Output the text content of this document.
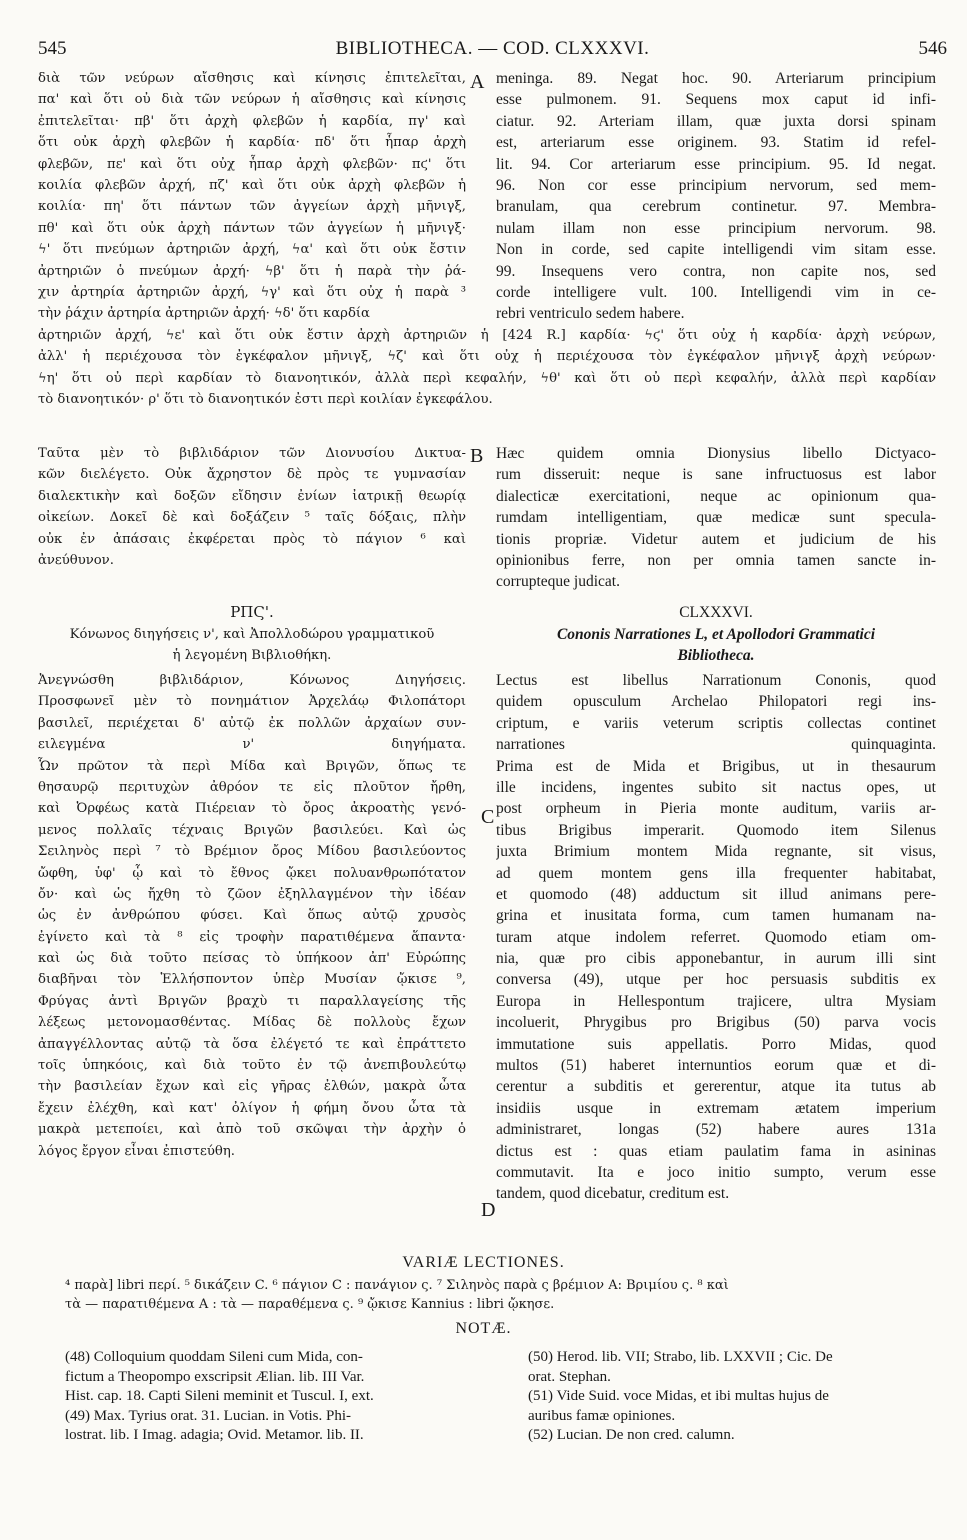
545	BIBLIOTHECA. — COD. CLXXXVI.	546
A
B
C
D
διὰ τῶν νεύρων αἴσθησις καὶ κίνησις ἐπιτελεῖται,
πα' καὶ ὅτι οὐ διὰ τῶν νεύρων ἡ αἴσθησις καὶ κίνησις
ἐπιτελεῖται· πβ' ὅτι ἀρχὴ φλεβῶν ἡ καρδία, πγ' καὶ
ὅτι οὐκ ἀρχὴ φλεβῶν ἡ καρδία· πδ' ὅτι ἧπαρ ἀρχὴ
φλεβῶν, πε' καὶ ὅτι οὐχ ἧπαρ ἀρχὴ φλεβῶν· πϛ' ὅτι
κοιλία φλεβῶν ἀρχή, πζ' καὶ ὅτι οὐκ ἀρχὴ φλεβῶν ἡ
κοιλία· πη' ὅτι πάντων τῶν ἀγγείων ἀρχὴ μῆνιγξ,
πθ' καὶ ὅτι οὐκ ἀρχὴ πάντων τῶν ἀγγείων ἡ μῆνιγξ·
ϟ' ὅτι πνεύμων ἀρτηριῶν ἀρχή, ϟα' καὶ ὅτι οὐκ ἔστιν
ἀρτηριῶν ὁ πνεύμων ἀρχή· ϟβ' ὅτι ἡ παρὰ τὴν ῥά-
χιν ἀρτηρία ἀρτηριῶν ἀρχή, ϟγ' καὶ ὅτι οὐχ ἡ παρὰ ³
τὴν ῥάχιν ἀρτηρία ἀρτηριῶν ἀρχή· ϟδ' ὅτι καρδία
meninga. 89. Negat hoc. 90. Arteriarum principium
esse pulmonem. 91. Sequens mox caput id infi-
ciatur. 92. Arteriam illam, quæ juxta dorsi spinam
est, arteriarum esse originem. 93. Statim id refel-
lit. 94. Cor arteriarum esse principium. 95. Id negat.
96. Non cor esse principium nervorum, sed mem-
branulam, qua cerebrum continetur. 97. Membra-
nulam illam non esse principium nervorum. 98.
Non in corde, sed capite intelligendi vim sitam esse.
99. Insequens vero contra, non capite nos, sed
corde intelligere vult. 100. Intelligendi vim in ce-
rebri ventriculo sedem habere.
ἀρτηριῶν ἀρχή, ϟε' καὶ ὅτι οὐκ ἔστιν ἀρχὴ ἀρτηριῶν ἡ [424 R.] καρδία· ϟϛ' ὅτι οὐχ ἡ καρδία· ἀρχὴ νεύρων,
ἀλλ' ἡ περιέχουσα τὸν ἐγκέφαλον μῆνιγξ, ϟζ' καὶ ὅτι οὐχ ἡ περιέχουσα τὸν ἐγκέφαλον μῆνιγξ ἀρχὴ νεύρων·
ϟη' ὅτι οὐ περὶ καρδίαν τὸ διανοητικόν, ἀλλὰ περὶ κεφαλήν, ϟθ' καὶ ὅτι οὐ περὶ κεφαλήν, ἀλλὰ περὶ καρδίαν
τὸ διανοητικόν· ρ' ὅτι τὸ διανοητικόν ἐστι περὶ κοιλίαν ἐγκεφάλου.
Ταῦτα μὲν τὸ βιβλιδάριον τῶν Διονυσίου Δικτυα-
κῶν διελέγετο. Οὐκ ἄχρηστον δὲ πρὸς τε γυμνασίαν
διαλεκτικὴν καὶ δοξῶν εἴδησιν ἐνίων ἰατρικῇ θεωρίᾳ
οἰκείων. Δοκεῖ δὲ καὶ δοξάζειν ⁵ ταῖς δόξαις, πλὴν
οὐκ ἐν ἀπάσαις ἐκφέρεται πρὸς τὸ πάγιον ⁶ καὶ
ἀνεύθυνον.
Hæc quidem omnia Dionysius libello Dictyaco-
rum disseruit: neque is sane infructuosus est labor
dialecticæ exercitationi, neque ac opinionum qua-
rumdam intelligentiam, quæ medicæ sunt specula-
tionis propriæ. Videtur autem et judicium de his
opinionibus ferre, non per omnia tamen sancte in-
corrupteque judicat.
ΡΠϚ'.
Κόνωνος διηγήσεις ν', καὶ Ἀπολλοδώρου γραμματικοῦ
ἡ λεγομένη Βιβλιοθήκη.
CLXXXVI.
Cononis Narrationes L, et Apollodori Grammatici
Bibliotheca.
Ἀνεγνώσθη βιβλιδάριον, Κόνωνος Διηγήσεις.
Προσφωνεῖ μὲν τὸ πονημάτιον Ἀρχελάῳ Φιλοπάτορι
βασιλεῖ, περιέχεται δ' αὐτῷ ἐκ πολλῶν ἀρχαίων συν-
ειλεγμένα ν' διηγήματα.
Ὧν πρῶτον τὰ περὶ Μίδα καὶ Βριγῶν, ὅπως τε
θησαυρῷ περιτυχὼν ἀθρόον τε εἰς πλοῦτον ἤρθη,
καὶ Ὀρφέως κατὰ Πιέρειαν τὸ ὄρος ἀκροατὴς γενό-
μενος πολλαῖς τέχναις Βριγῶν βασιλεύει. Καὶ ὡς
Σειληνὸς περὶ ⁷ τὸ Βρέμιον ὄρος Μίδου βασιλεύοντος
ὤφθη, ὑφ' ᾧ καὶ τὸ ἔθνος ᾤκει πολυανθρωπότατον
ὄν· καὶ ὡς ἤχθη τὸ ζῶον ἐξηλλαγμένον τὴν ἰδέαν
ὡς ἐν ἀνθρώπου φύσει. Καὶ ὅπως αὐτῷ χρυσὸς
ἐγίνετο καὶ τὰ ⁸ εἰς τροφὴν παρατιθέμενα ἅπαντα·
καὶ ὡς διὰ τοῦτο πείσας τὸ ὑπήκοον ἀπ' Εὐρώπης
διαβῆναι τὸν Ἑλλήσποντον ὑπὲρ Μυσίαν ᾤκισε ⁹,
Φρύγας ἀντὶ Βριγῶν βραχὺ τι παραλλαγείσης τῆς
λέξεως μετονομασθέντας. Μίδας δὲ πολλοὺς ἔχων
ἀπαγγέλλοντας αὐτῷ τὰ ὅσα ἐλέγετό τε καὶ ἐπράττετο
τοῖς ὑπηκόοις, καὶ διὰ τοῦτο ἐν τῷ ἀνεπιβουλεύτῳ
τὴν βασιλείαν ἔχων καὶ εἰς γῆρας ἐλθών, μακρὰ ὦτα
ἔχειν ἐλέχθη, καὶ κατ' ὀλίγον ἡ φήμη ὄνου ὦτα τὰ
μακρὰ μετεποίει, καὶ ἀπὸ τοῦ σκῶψαι τὴν ἀρχὴν ὁ
λόγος ἔργον εἶναι ἐπιστεύθη.
Lectus est libellus Narrationum Cononis, quod
quidem opusculum Archelao Philopatori regi ins-
criptum, e variis veterum scriptis collectas continet
narrationes quinquaginta.
Prima est de Mida et Brigibus, ut in thesaurum
ille incidens, ingentes subito sit nactus opes, ut
post orpheum in Pieria monte auditum, variis ar-
tibus Brigibus imperarit. Quomodo item Silenus
juxta Brimium montem Mida regnante, sit visus,
ad quem montem gens illa frequenter habitabat,
et quomodo (48) adductum sit illud animans pere-
grina et inusitata forma, cum tamen humanam na-
turam atque indolem referret. Quomodo etiam om-
nia, quæ pro cibis apponebantur, in aurum illi sint
conversa (49), utque per hoc persuasis subditis ex
Europa in Hellespontum trajicere, ultra Mysiam
incoluerit, Phrygibus pro Brigibus (50) parva vocis
immutatione suis appellatis. Porro Midas, quod
multos (51) haberet internuntios eorum quæ et di-
cerentur a subditis et gererentur, atque ita tutus ab
insidiis usque in extremam ætatem imperium
administraret, longas (52) habere aures 131a
dictus est : quas etiam paulatim fama in asininas
commutavit. Ita e joco initio sumpto, verum esse
tandem, quod dicebatur, creditum est.
VARIÆ LECTIONES.
⁴ παρὰ] libri περί. ⁵ δικάζειν C. ⁶ πάγιον C : πανάγιον ς. ⁷ Σιληνὸς παρὰ ς βρέμιον A: Βριμίου ς. ⁸ καὶ
τὰ — παρατιθέμενα A : τὰ — παραθέμενα ς. ⁹ ᾤκισε Kannius : libri ᾤκησε.
NOTÆ.
(48) Colloquium quoddam Sileni cum Mida, con-
fictum a Theopompo exscripsit Ælian. lib. III Var.
Hist. cap. 18. Capti Sileni meminit et Tuscul. I, ext.
(49) Max. Tyrius orat. 31. Lucian. in Votis. Phi-
lostrat. lib. I Imag. adagia; Ovid. Metamor. lib. II.
(50) Herod. lib. VII; Strabo, lib. LXXVII ; Cic. De
orat. Stephan.
(51) Vide Suid. voce Midas, et ibi multas hujus de
auribus famæ opiniones.
(52) Lucian. De non cred. calumn.
